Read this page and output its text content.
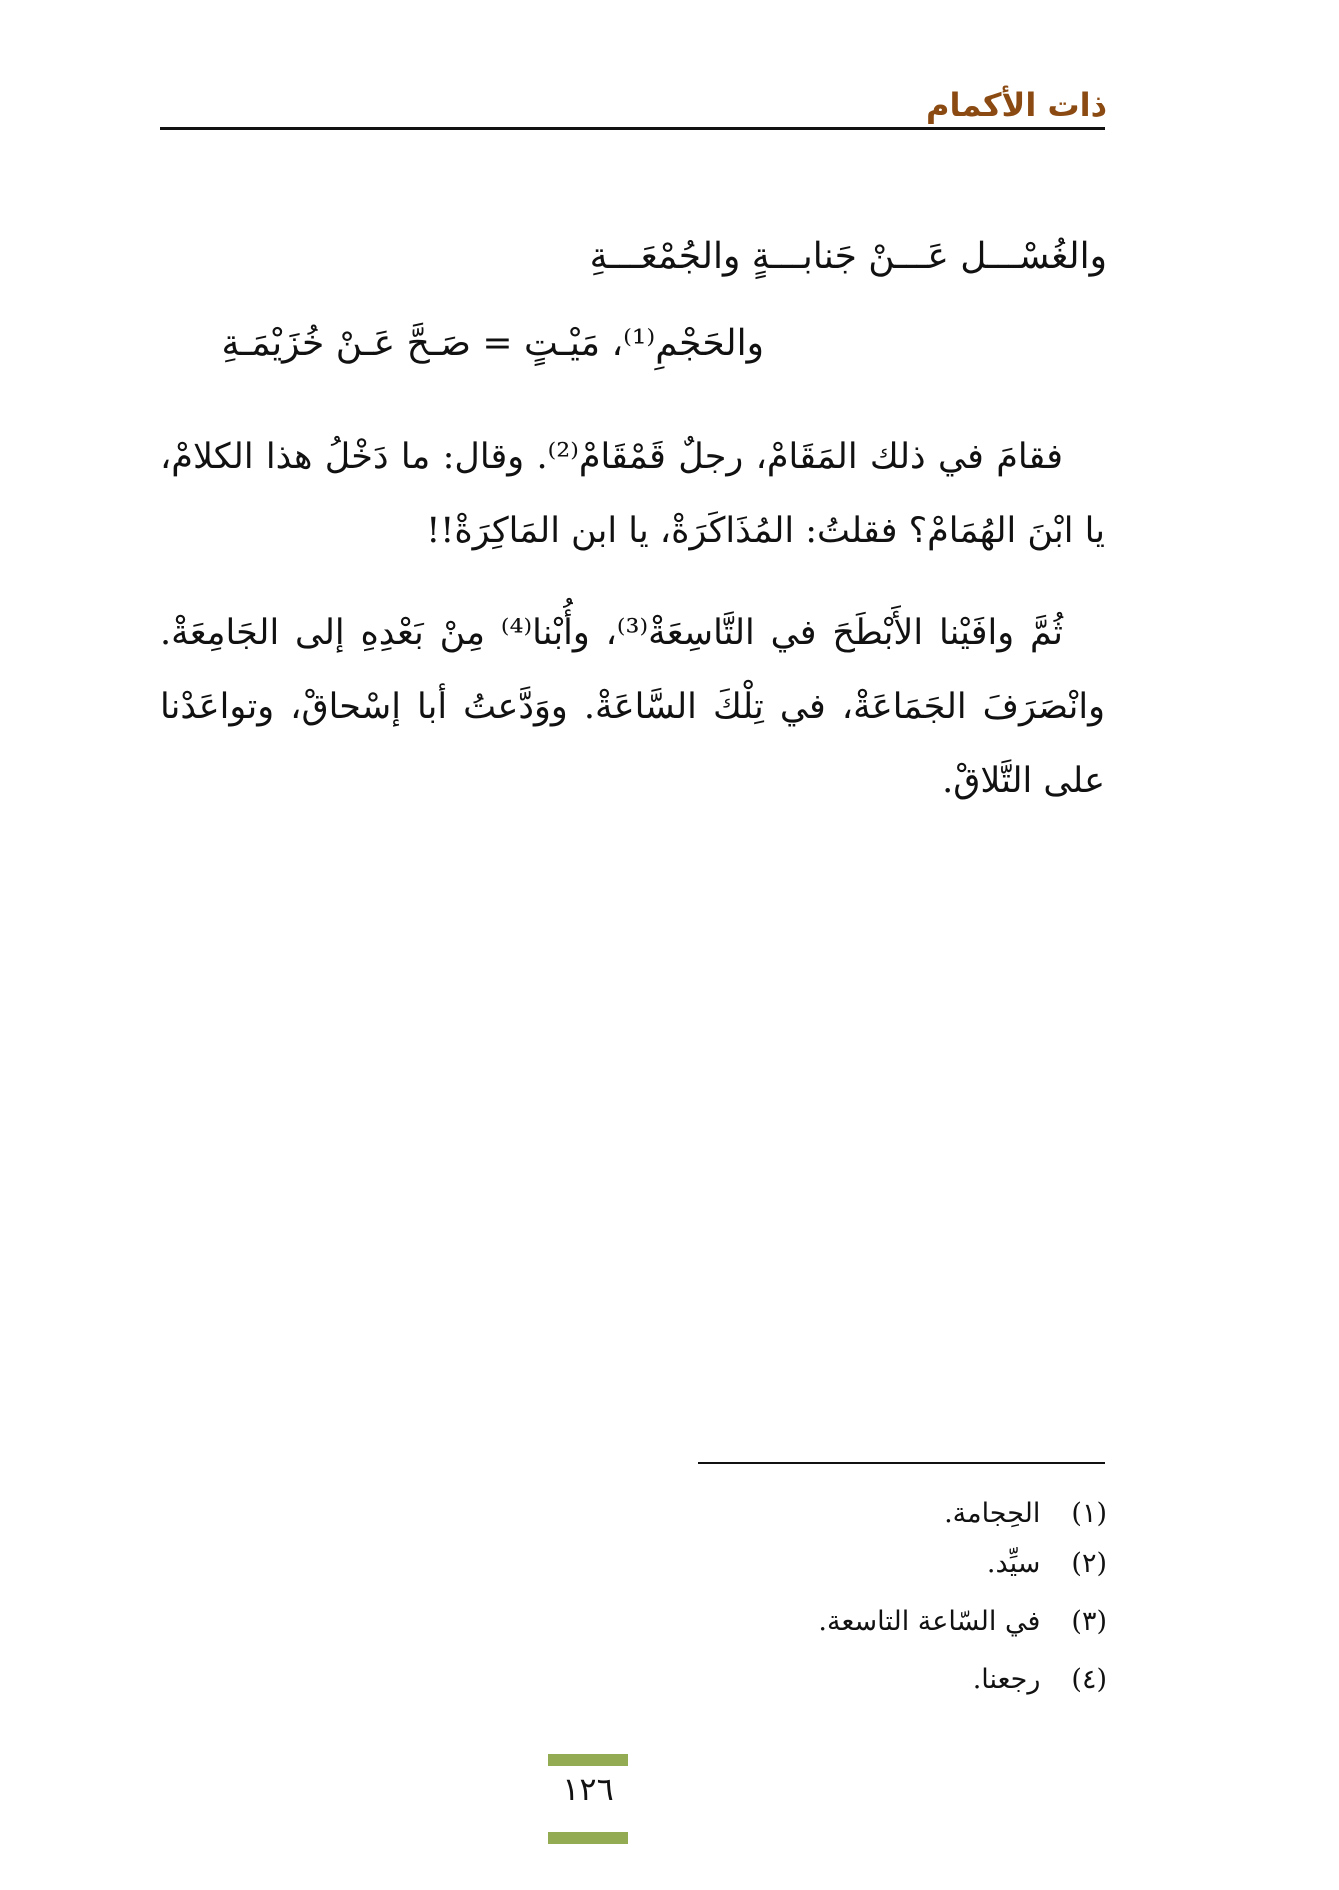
ذات الأكمام
والغُسْـــل عَـــنْ جَنابـــةٍ والجُمْعَـــةِ
والحَجْمِ⁽¹⁾، مَيْـتٍ = صَـحَّ عَـنْ خُزَيْمَـةِ

فقامَ في ذلك المَقَامْ، رجلٌ قَمْقَامْ⁽²⁾. وقال: ما دَخْلُ هذا الكلامْ، يا ابْنَ الهُمَامْ؟ فقلتُ: المُذَاكَرَةْ، يا ابن المَاكِرَةْ!!

ثُمَّ وافَيْنا الأَبْطَحَ في التَّاسِعَةْ⁽³⁾، وأُبْنا⁽⁴⁾ مِنْ بَعْدِهِ إلى الجَامِعَةْ. وانْصَرَفَ الجَمَاعَةْ، في تِلْكَ السَّاعَةْ. ووَدَّعتُ أبا إسْحاقْ، وتواعَدْنا على التَّلاقْ.

(١) الحِجامة.
(٢) سيِّد.
(٣) في السّاعة التاسعة.
(٤) رجعنا.
١٢٦
